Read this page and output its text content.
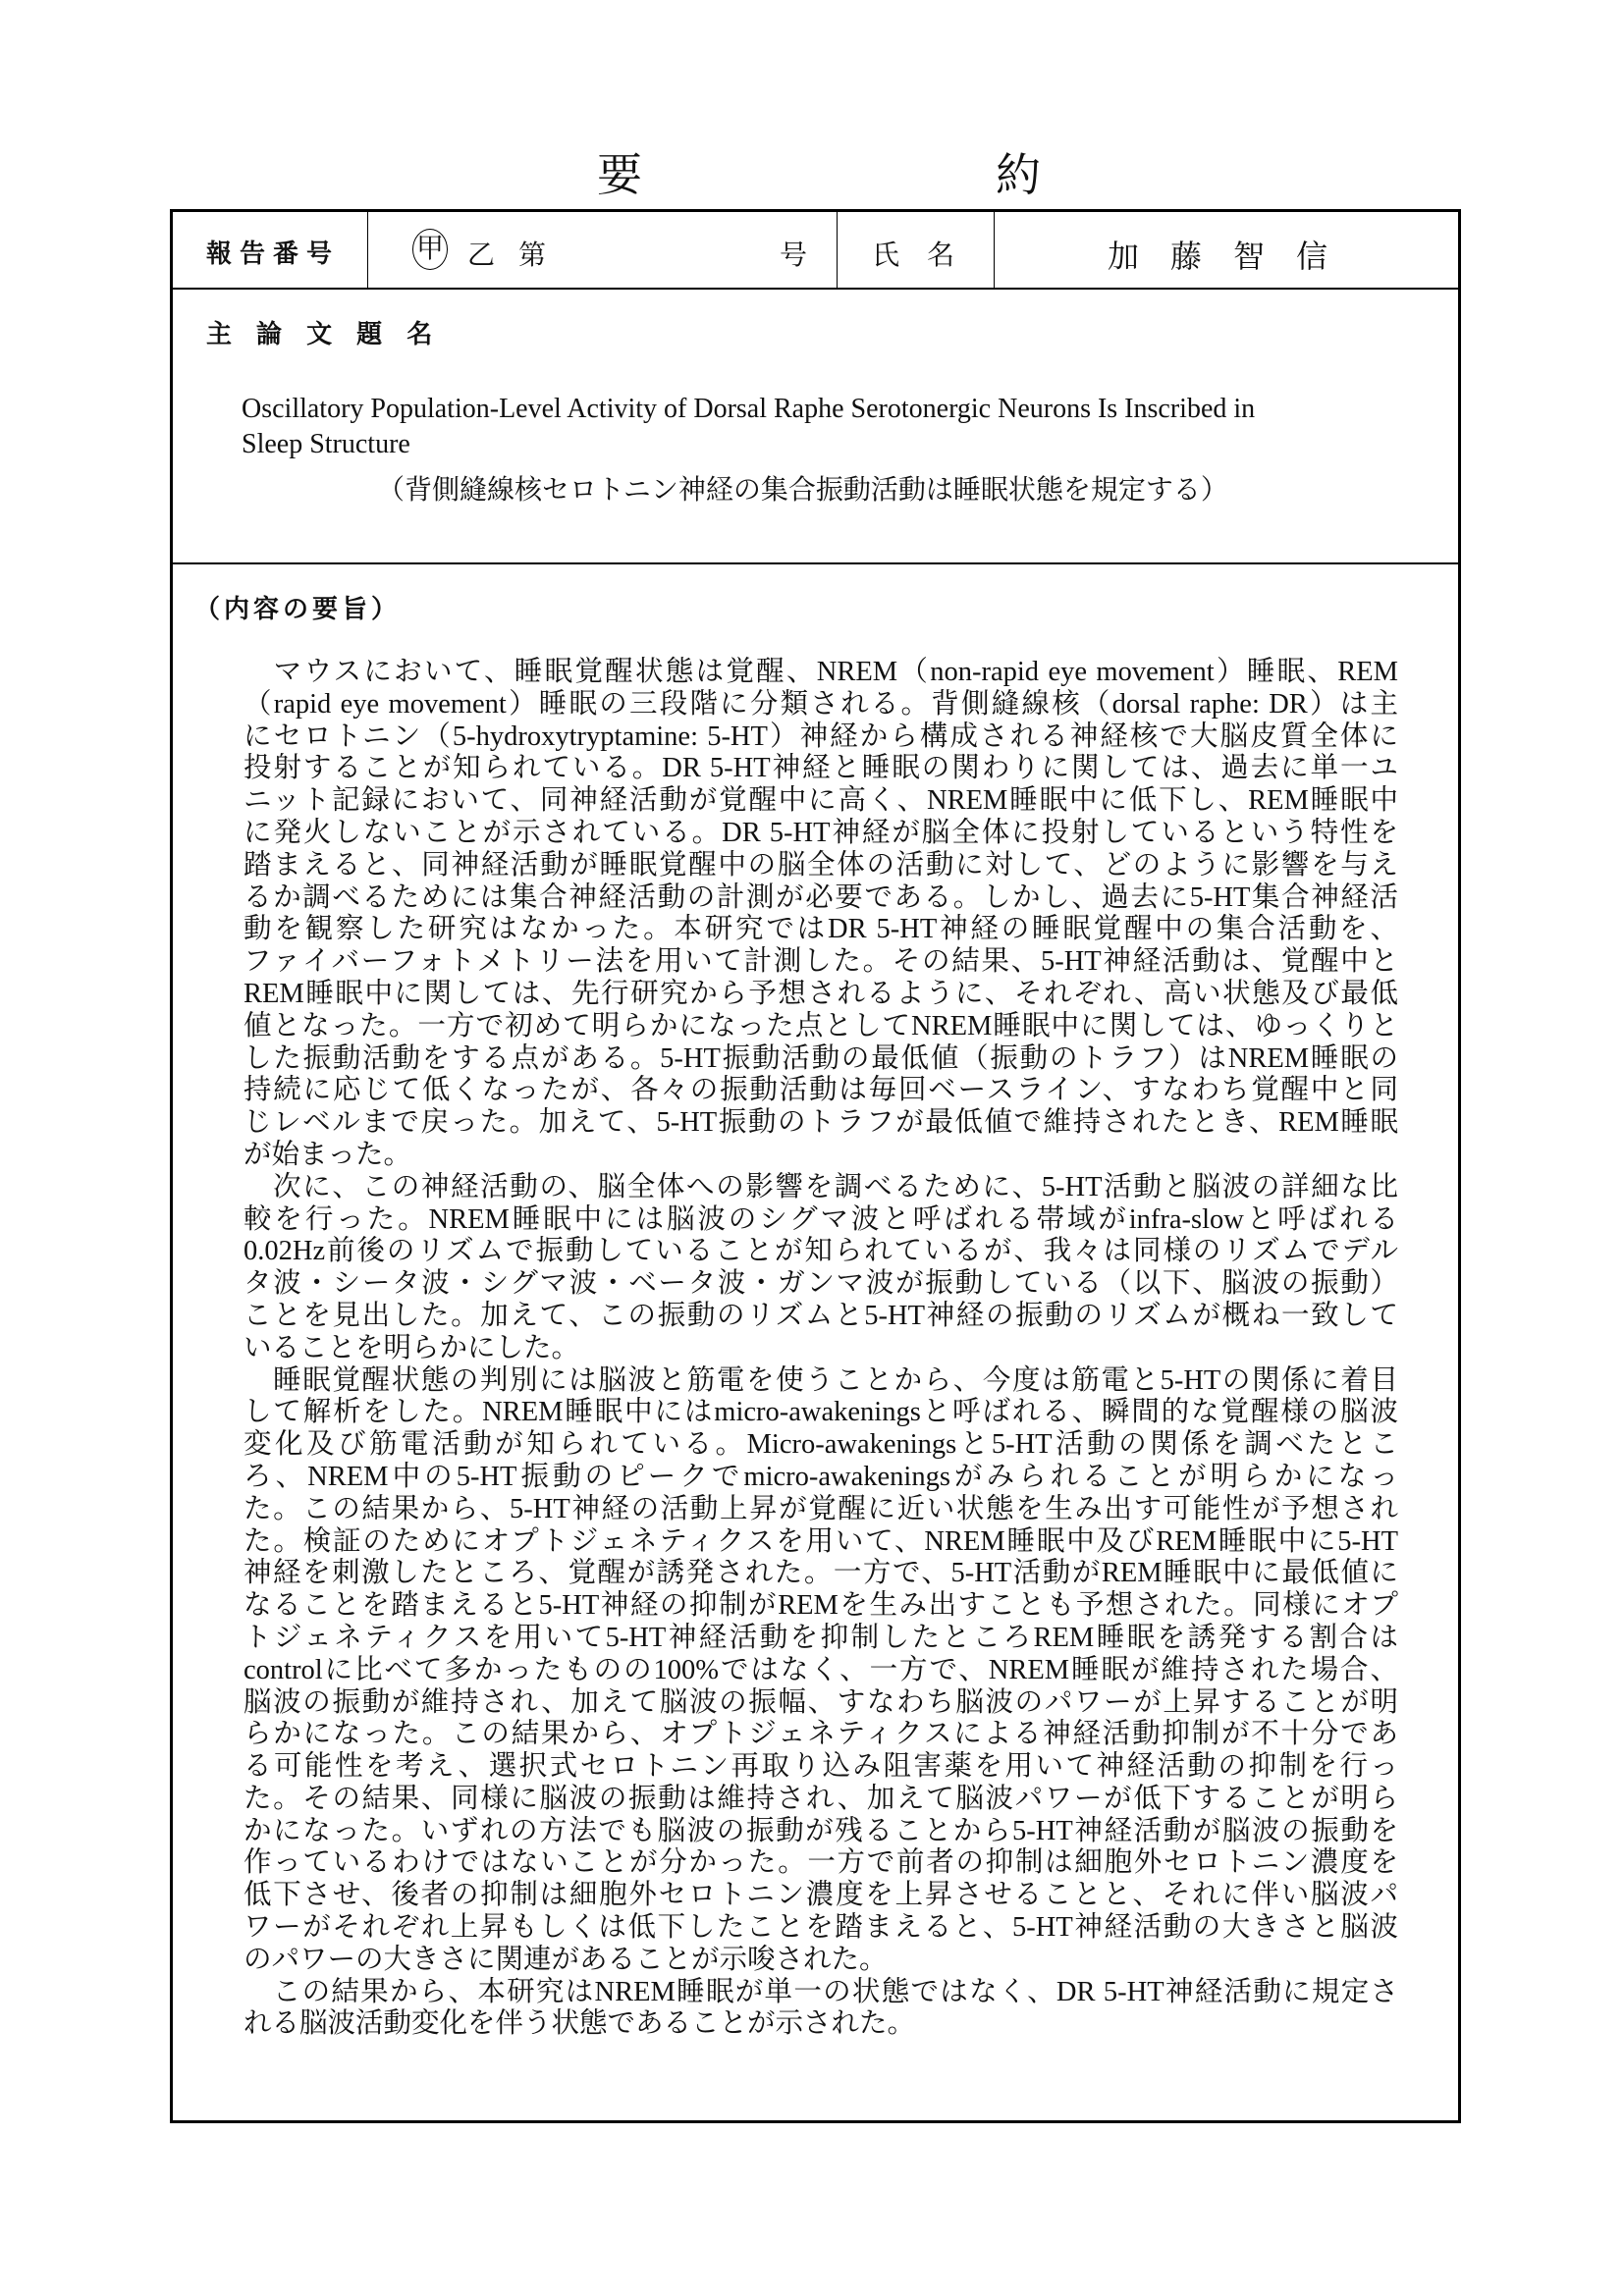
要	約
報告番号	甲 乙 第	号 氏　名	加　藤　智　信
主 論 文 題 名
Oscillatory Population-Level Activity of Dorsal Raphe Serotonergic Neurons Is Inscribed in
Sleep Structure
（背側縫線核セロトニン神経の集合振動活動は睡眠状態を規定する）
（内容の要旨）
　マウスにおいて、睡眠覚醒状態は覚醒、NREM（non-rapid eye movement）睡眠、REM
（rapid eye movement）睡眠の三段階に分類される。背側縫線核（dorsal raphe: DR）は主
にセロトニン（5-hydroxytryptamine: 5-HT）神経から構成される神経核で大脳皮質全体に
投射することが知られている。DR 5-HT神経と睡眠の関わりに関しては、過去に単一ユ
ニット記録において、同神経活動が覚醒中に高く、NREM睡眠中に低下し、REM睡眠中
に発火しないことが示されている。DR 5-HT神経が脳全体に投射しているという特性を
踏まえると、同神経活動が睡眠覚醒中の脳全体の活動に対して、どのように影響を与え
るか調べるためには集合神経活動の計測が必要である。しかし、過去に5-HT集合神経活
動を観察した研究はなかった。本研究ではDR 5-HT神経の睡眠覚醒中の集合活動を、
ファイバーフォトメトリー法を用いて計測した。その結果、5-HT神経活動は、覚醒中と
REM睡眠中に関しては、先行研究から予想されるように、それぞれ、高い状態及び最低
値となった。一方で初めて明らかになった点としてNREM睡眠中に関しては、ゆっくりと
した振動活動をする点がある。5-HT振動活動の最低値（振動のトラフ）はNREM睡眠の
持続に応じて低くなったが、各々の振動活動は毎回ベースライン、すなわち覚醒中と同
じレベルまで戻った。加えて、5-HT振動のトラフが最低値で維持されたとき、REM睡眠
が始まった。
　次に、この神経活動の、脳全体への影響を調べるために、5-HT活動と脳波の詳細な比
較を行った。NREM睡眠中には脳波のシグマ波と呼ばれる帯域がinfra-slowと呼ばれる
0.02Hz前後のリズムで振動していることが知られているが、我々は同様のリズムでデル
タ波・シータ波・シグマ波・ベータ波・ガンマ波が振動している（以下、脳波の振動）
ことを見出した。加えて、この振動のリズムと5-HT神経の振動のリズムが概ね一致して
いることを明らかにした。
　睡眠覚醒状態の判別には脳波と筋電を使うことから、今度は筋電と5-HTの関係に着目
して解析をした。NREM睡眠中にはmicro-awakeningsと呼ばれる、瞬間的な覚醒様の脳波
変化及び筋電活動が知られている。Micro-awakeningsと5-HT活動の関係を調べたとこ
ろ、NREM中の5-HT振動のピークでmicro-awakeningsがみられることが明らかになっ
た。この結果から、5-HT神経の活動上昇が覚醒に近い状態を生み出す可能性が予想され
た。検証のためにオプトジェネティクスを用いて、NREM睡眠中及びREM睡眠中に5-HT
神経を刺激したところ、覚醒が誘発された。一方で、5-HT活動がREM睡眠中に最低値に
なることを踏まえると5-HT神経の抑制がREMを生み出すことも予想された。同様にオプ
トジェネティクスを用いて5-HT神経活動を抑制したところREM睡眠を誘発する割合は
controlに比べて多かったものの100%ではなく、一方で、NREM睡眠が維持された場合、
脳波の振動が維持され、加えて脳波の振幅、すなわち脳波のパワーが上昇することが明
らかになった。この結果から、オプトジェネティクスによる神経活動抑制が不十分であ
る可能性を考え、選択式セロトニン再取り込み阻害薬を用いて神経活動の抑制を行っ
た。その結果、同様に脳波の振動は維持され、加えて脳波パワーが低下することが明ら
かになった。いずれの方法でも脳波の振動が残ることから5-HT神経活動が脳波の振動を
作っているわけではないことが分かった。一方で前者の抑制は細胞外セロトニン濃度を
低下させ、後者の抑制は細胞外セロトニン濃度を上昇させることと、それに伴い脳波パ
ワーがそれぞれ上昇もしくは低下したことを踏まえると、5-HT神経活動の大きさと脳波
のパワーの大きさに関連があることが示唆された。
　この結果から、本研究はNREM睡眠が単一の状態ではなく、DR 5-HT神経活動に規定さ
れる脳波活動変化を伴う状態であることが示された。
